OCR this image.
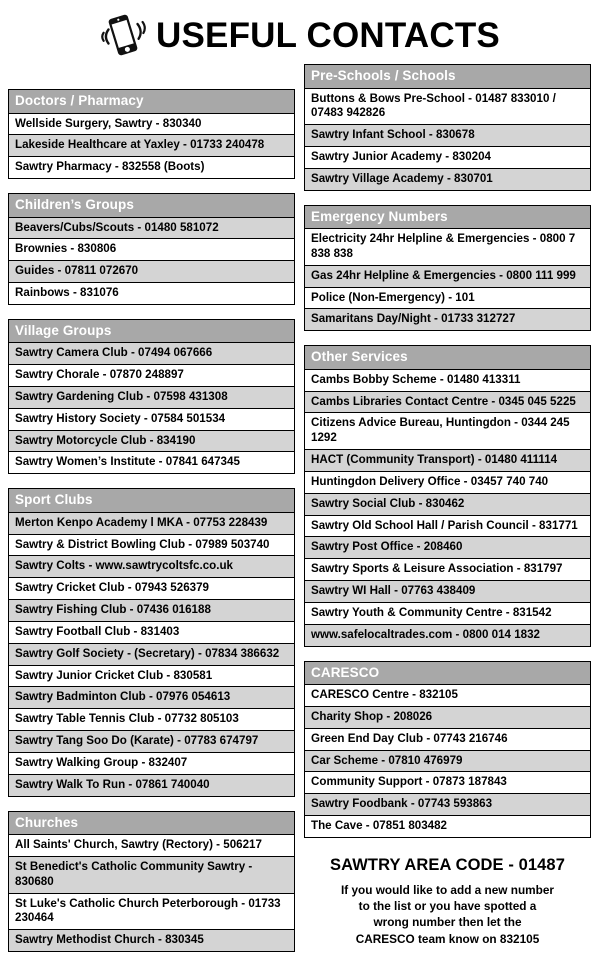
USEFUL CONTACTS
Doctors / Pharmacy
Wellside Surgery, Sawtry - 830340
Lakeside Healthcare at Yaxley - 01733 240478
Sawtry Pharmacy - 832558 (Boots)
Children’s Groups
Beavers/Cubs/Scouts - 01480 581072
Brownies - 830806
Guides - 07811 072670
Rainbows - 831076
Village Groups
Sawtry Camera Club - 07494 067666
Sawtry Chorale - 07870 248897
Sawtry Gardening Club - 07598 431308
Sawtry History Society - 07584 501534
Sawtry Motorcycle Club - 834190
Sawtry Women’s Institute - 07841 647345
Sport Clubs
Merton Kenpo Academy l MKA - 07753 228439
Sawtry & District Bowling Club - 07989 503740
Sawtry Colts - www.sawtrycoltsfc.co.uk
Sawtry Cricket Club - 07943 526379
Sawtry Fishing Club - 07436 016188
Sawtry Football Club - 831403
Sawtry Golf Society - (Secretary) - 07834 386632
Sawtry Junior Cricket Club - 830581
Sawtry Badminton Club - 07976 054613
Sawtry Table Tennis Club - 07732 805103
Sawtry Tang Soo Do (Karate) - 07783 674797
Sawtry Walking Group - 832407
Sawtry Walk To Run - 07861 740040
Churches
All Saints' Church, Sawtry (Rectory) - 506217
St Benedict's Catholic Community Sawtry - 830680
St Luke's Catholic Church Peterborough - 01733 230464
Sawtry Methodist Church - 830345
Pre-Schools / Schools
Buttons & Bows Pre-School - 01487 833010 / 07483 942826
Sawtry Infant School - 830678
Sawtry Junior Academy - 830204
Sawtry Village Academy - 830701
Emergency Numbers
Electricity 24hr Helpline & Emergencies - 0800 7 838 838
Gas 24hr Helpline & Emergencies - 0800 111 999
Police (Non-Emergency) - 101
Samaritans Day/Night - 01733 312727
Other Services
Cambs Bobby Scheme - 01480 413311
Cambs Libraries Contact Centre - 0345 045 5225
Citizens Advice Bureau, Huntingdon - 0344 245 1292
HACT (Community Transport) - 01480 411114
Huntingdon Delivery Office - 03457 740 740
Sawtry Social Club - 830462
Sawtry Old School Hall / Parish Council - 831771
Sawtry Post Office - 208460
Sawtry Sports & Leisure Association - 831797
Sawtry WI Hall - 07763 438409
Sawtry Youth & Community Centre - 831542
www.safelocaltrades.com - 0800 014 1832
CARESCO
CARESCO Centre - 832105
Charity Shop - 208026
Green End Day Club - 07743 216746
Car Scheme - 07810 476979
Community Support - 07873 187843
Sawtry Foodbank - 07743 593863
The Cave - 07851 803482
SAWTRY AREA CODE - 01487
If you would like to add a new number
to the list or you have spotted a
wrong number then let the
CARESCO team know on 832105
